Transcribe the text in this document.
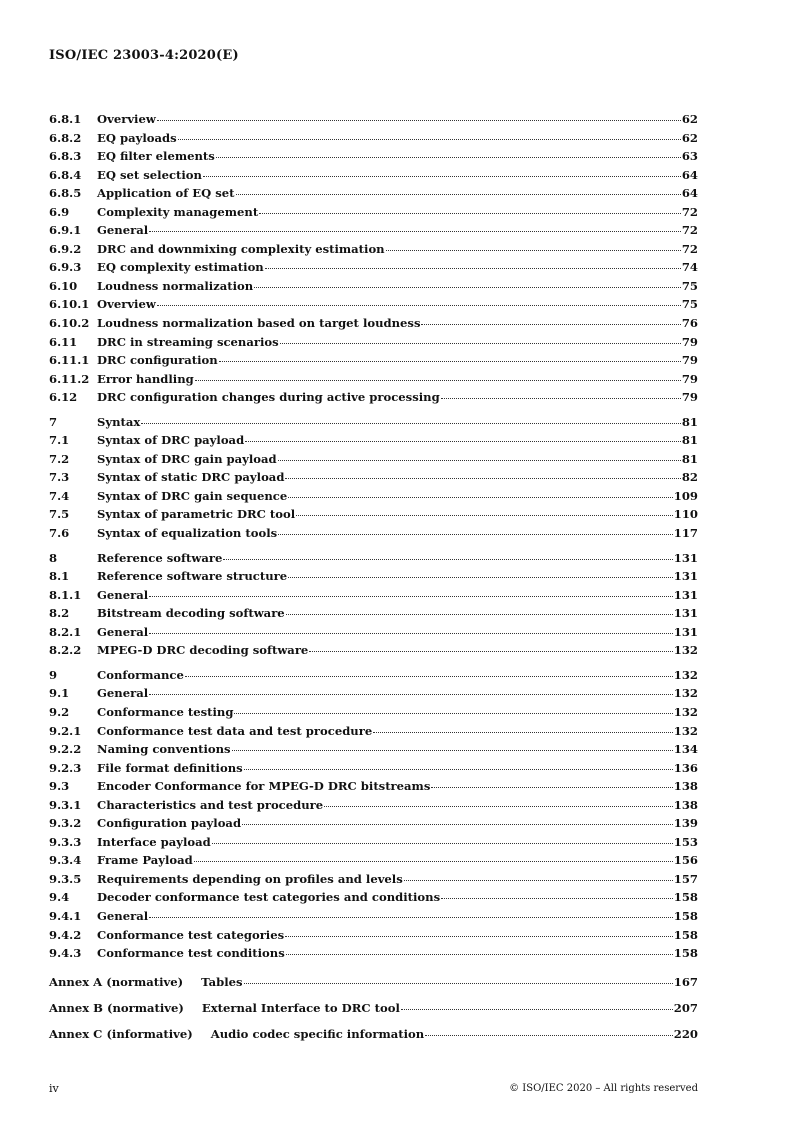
ISO/IEC 23003-4:2020(E)
6.8.1	Overview	62
6.8.2	EQ payloads	62
6.8.3	EQ filter elements	63
6.8.4	EQ set selection	64
6.8.5	Application of EQ set	64
6.9	Complexity management	72
6.9.1	General	72
6.9.2	DRC and downmixing complexity estimation	72
6.9.3	EQ complexity estimation	74
6.10	Loudness normalization	75
6.10.1 Overview	75
6.10.2 Loudness normalization based on target loudness	76
6.11	DRC in streaming scenarios	79
6.11.1 DRC configuration	79
6.11.2 Error handling	79
6.12	DRC configuration changes during active processing	79
7	Syntax	81
7.1	Syntax of DRC payload	81
7.2	Syntax of DRC gain payload	81
7.3	Syntax of static DRC payload	82
7.4	Syntax of DRC gain sequence	109
7.5	Syntax of parametric DRC tool	110
7.6	Syntax of equalization tools	117
8	Reference software	131
8.1	Reference software structure	131
8.1.1	General	131
8.2	Bitstream decoding software	131
8.2.1	General	131
8.2.2	MPEG-D DRC decoding software	132
9	Conformance	132
9.1	General	132
9.2	Conformance testing	132
9.2.1	Conformance test data and test procedure	132
9.2.2	Naming conventions	134
9.2.3	File format definitions	136
9.3	Encoder Conformance for MPEG-D DRC bitstreams	138
9.3.1	Characteristics and test procedure	138
9.3.2	Configuration payload	139
9.3.3	Interface payload	153
9.3.4	Frame Payload	156
9.3.5	Requirements depending on profiles and levels	157
9.4	Decoder conformance test categories and conditions	158
9.4.1	General	158
9.4.2	Conformance test categories	158
9.4.3	Conformance test conditions	158
Annex A (normative) Tables	167
Annex B (normative) External Interface to DRC tool	207
Annex C (informative) Audio codec specific information	220
iv	© ISO/IEC 2020 – All rights reserved
